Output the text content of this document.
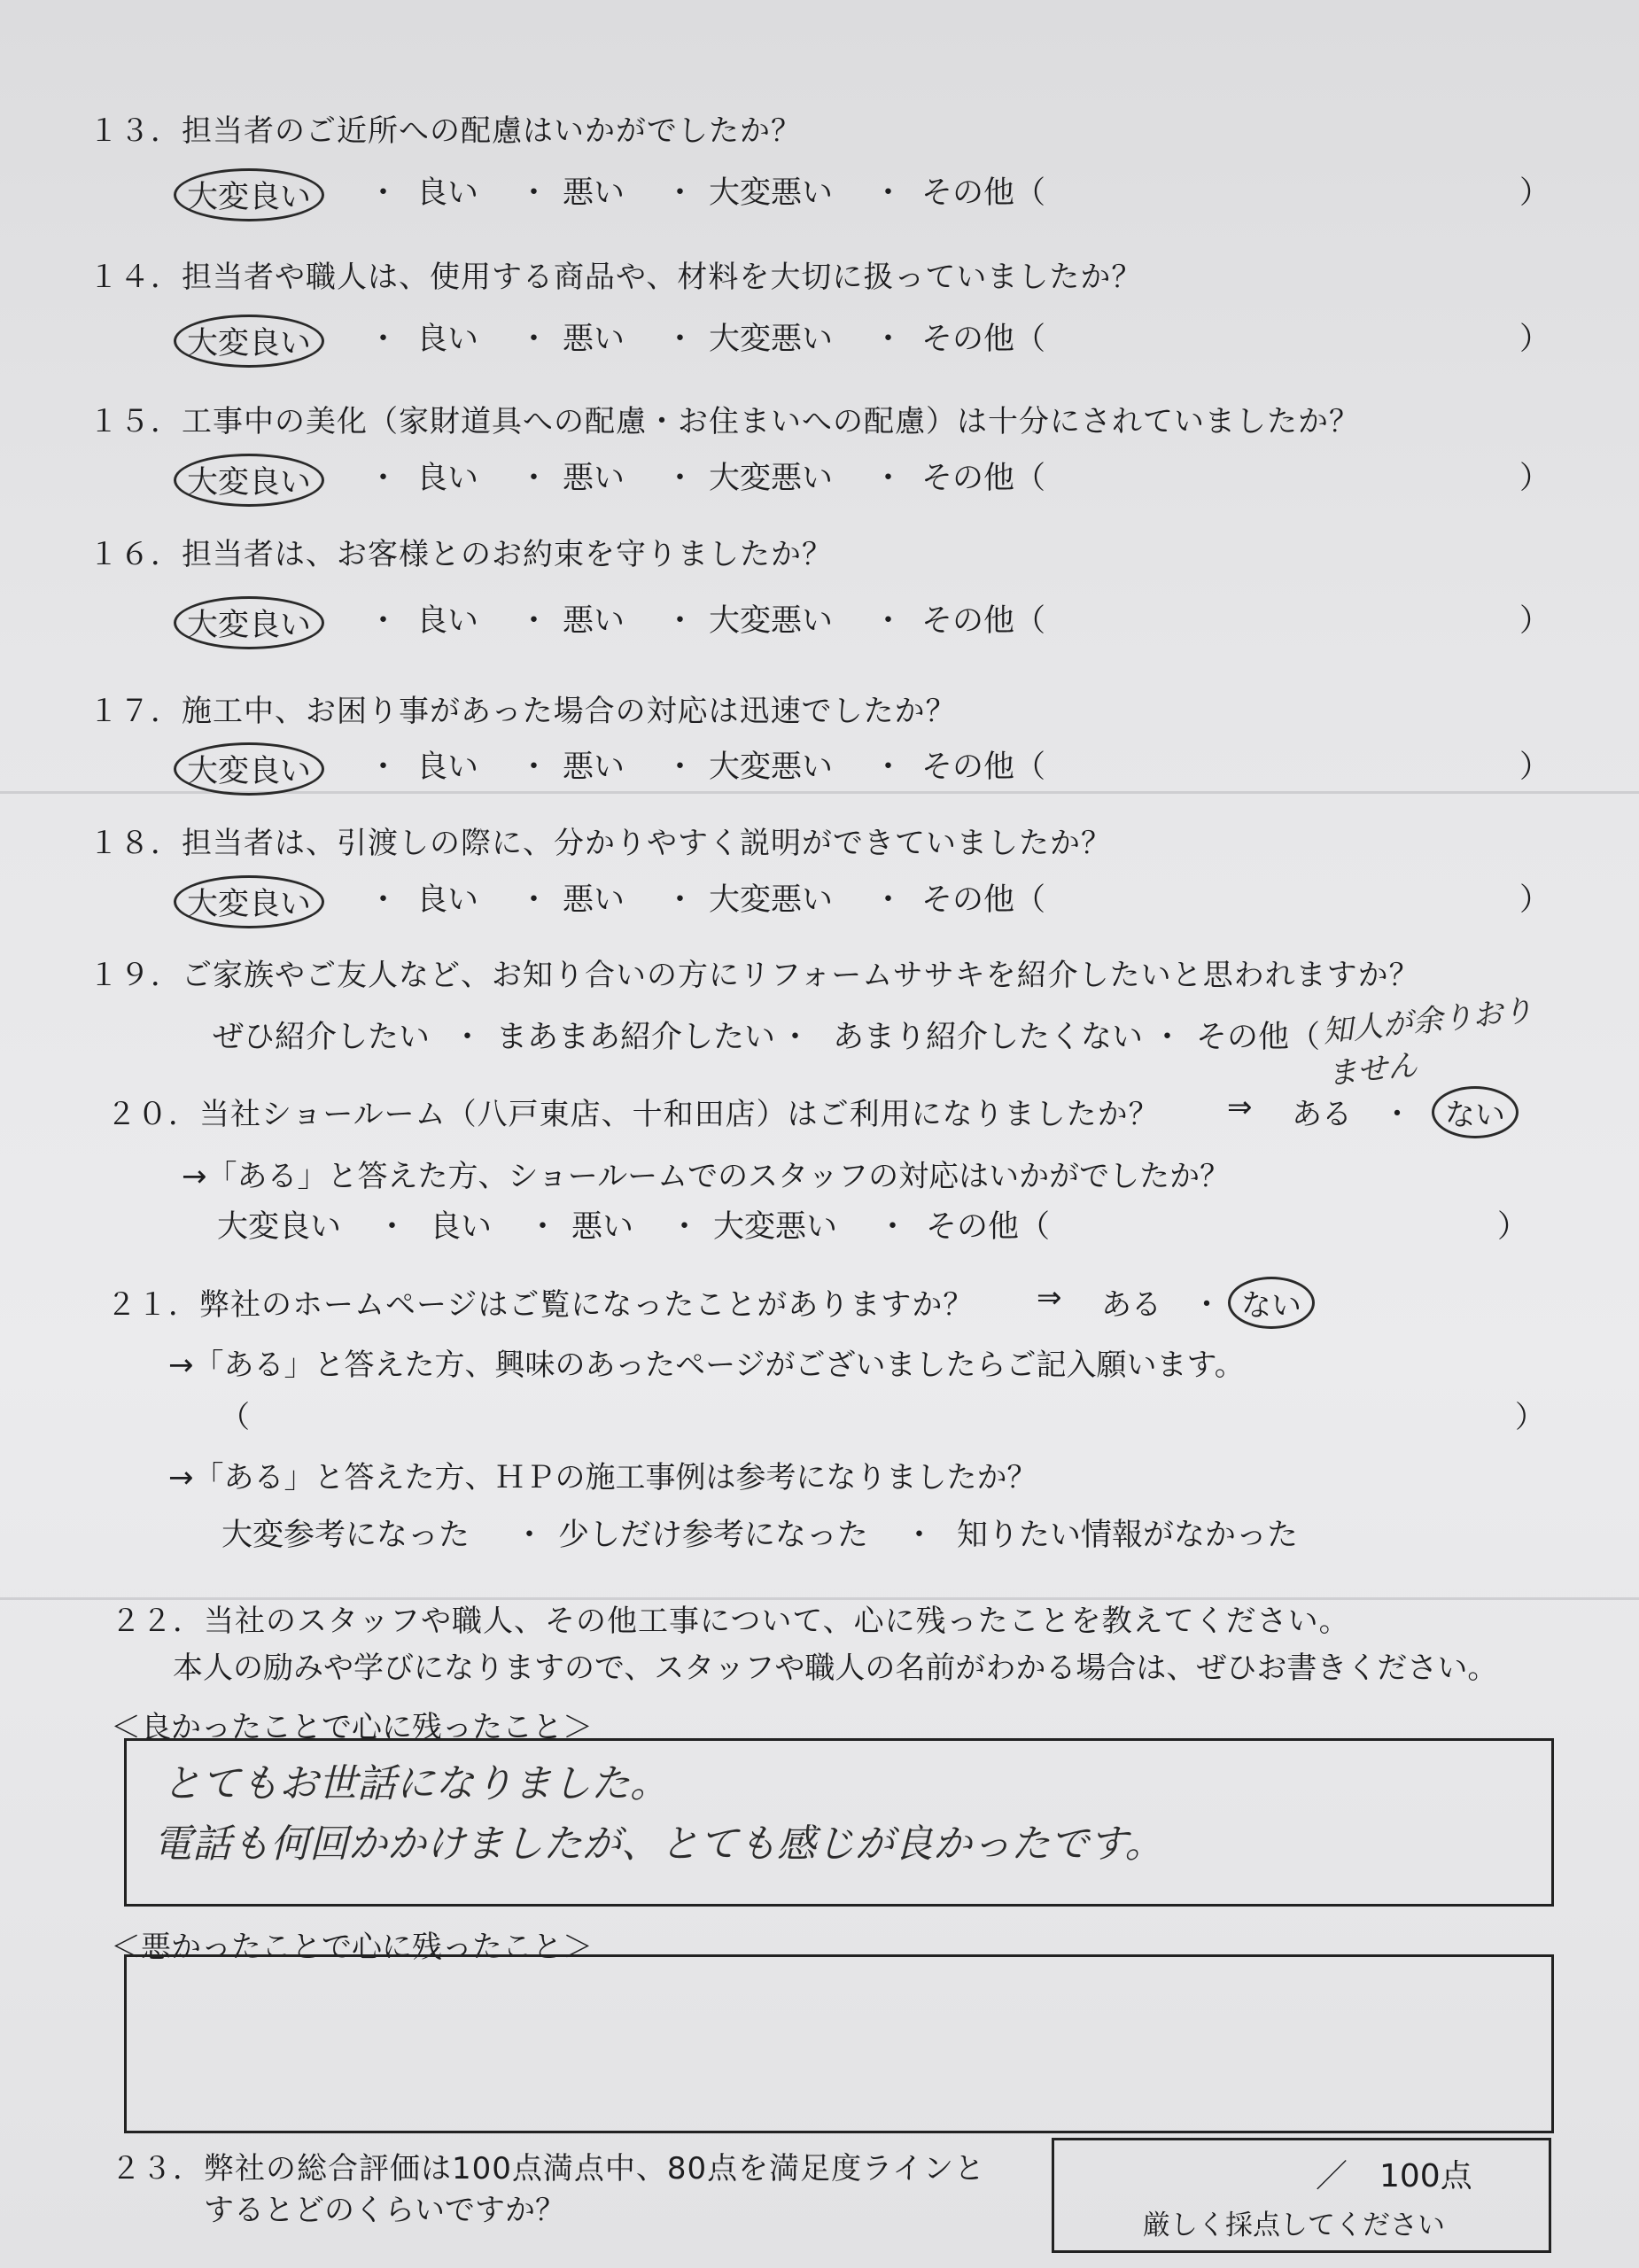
１３．担当者のご近所への配慮はいかがでしたか？
大変良い	・ 良い ・ 悪い ・ 大変悪い ・ その他（	）
１４．担当者や職人は、使用する商品や、材料を大切に扱っていましたか？
大変良い	・ 良い ・ 悪い ・ 大変悪い ・ その他（	）
１５．工事中の美化（家財道具への配慮・お住まいへの配慮）は十分にされていましたか？
大変良い	・ 良い ・ 悪い ・ 大変悪い ・ その他（	）
１６．担当者は、お客様とのお約束を守りましたか？
大変良い	・ 良い ・ 悪い ・ 大変悪い ・ その他（	）
１７．施工中、お困り事があった場合の対応は迅速でしたか？
大変良い	・ 良い ・ 悪い ・ 大変悪い ・ その他（	）
１８．担当者は、引渡しの際に、分かりやすく説明ができていましたか？
大変良い	・ 良い ・ 悪い ・ 大変悪い ・ その他（	）
１９．ご家族やご友人など、お知り合いの方にリフォームササキを紹介したいと思われますか？
ぜひ紹介したい ・ まあまあ紹介したい ・ あまり紹介したくない ・ その他（ 知人が余りおりません
２０．当社ショールーム（八戸東店、十和田店）はご利用になりましたか？ ⇒ ある ・	ない
→「ある」と答えた方、ショールームでのスタッフの対応はいかがでしたか？
大変良い ・ 良い ・ 悪い ・ 大変悪い ・ その他（	）
２１．弊社のホームページはご覧になったことがありますか？ ⇒ ある ・ ない
→「ある」と答えた方、興味のあったページがございましたらご記入願います。
（	）
→「ある」と答えた方、ＨＰの施工事例は参考になりましたか？
大変参考になった ・ 少しだけ参考になった ・ 知りたい情報がなかった
２２．当社のスタッフや職人、その他工事について、心に残ったことを教えてください。
本人の励みや学びになりますので、スタッフや職人の名前がわかる場合は、ぜひお書きください。
＜良かったことで心に残ったこと＞
とてもお世話になりました。
電話も何回かかけましたが、とても感じが良かったです。
＜悪かったことで心に残ったこと＞
２３．弊社の総合評価は100点満点中、80点を満足度ラインと
するとどのくらいですか？
／　100点
厳しく採点してください
